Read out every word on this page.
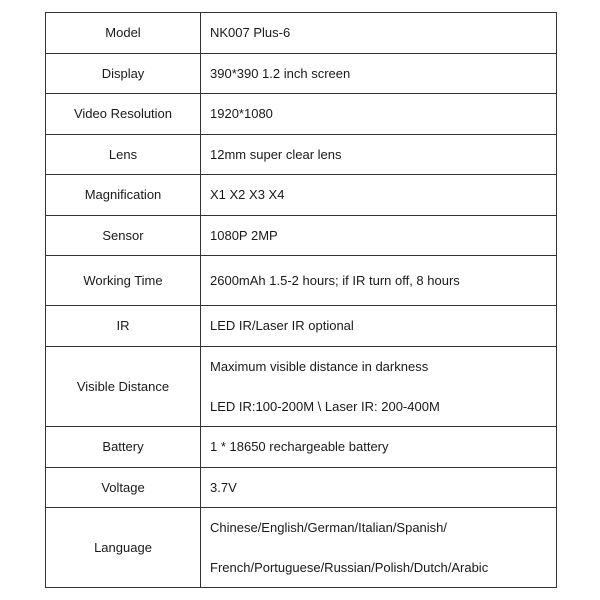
Model	NK007 Plus-6
Display	390*390 1.2 inch screen
Video Resolution	1920*1080
Lens	12mm super clear lens
Magnification	X1 X2 X3 X4
Sensor	1080P 2MP
Working Time	2600mAh 1.5-2 hours; if IR turn off, 8 hours
IR	LED IR/Laser IR optional
Visible Distance	Maximum visible distance in darkness
LED IR:100-200M \ Laser IR: 200-400M

Battery	1 * 18650 rechargeable battery
Voltage	3.7V
Language	Chinese/English/German/Italian/Spanish/
French/Portuguese/Russian/Polish/Dutch/Arabic
